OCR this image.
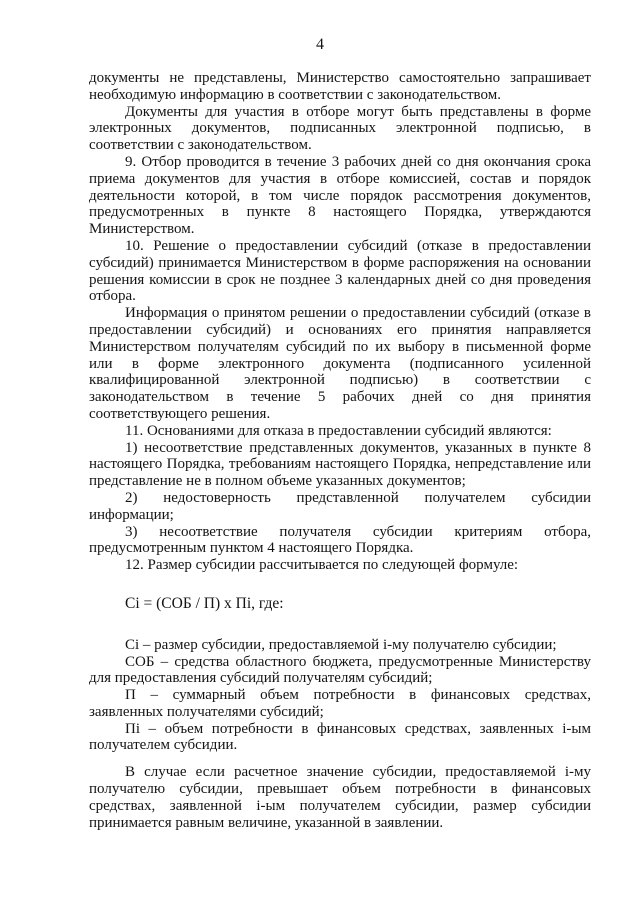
4

документы не представлены, Министерство самостоятельно запрашивает необходимую информацию в соответствии с законодательством.

Документы для участия в отборе могут быть представлены в форме электронных документов, подписанных электронной подписью, в соответствии с законодательством.

9. Отбор проводится в течение 3 рабочих дней со дня окончания срока приема документов для участия в отборе комиссией, состав и порядок деятельности которой, в том числе порядок рассмотрения документов, предусмотренных в пункте 8 настоящего Порядка, утверждаются Министерством.

10. Решение о предоставлении субсидий (отказе в предоставлении субсидий) принимается Министерством в форме распоряжения на основании решения комиссии в срок не позднее 3 календарных дней со дня проведения отбора.

Информация о принятом решении о предоставлении субсидий (отказе в предоставлении субсидий) и основаниях его принятия направляется Министерством получателям субсидий по их выбору в письменной форме или в форме электронного документа (подписанного усиленной квалифицированной электронной подписью) в соответствии с законодательством в течение 5 рабочих дней со дня принятия соответствующего решения.

11. Основаниями для отказа в предоставлении субсидий являются:

1) несоответствие представленных документов, указанных в пункте 8 настоящего Порядка, требованиям настоящего Порядка, непредставление или представление не в полном объеме указанных документов;

2) недостоверность представленной получателем субсидии информации;

3) несоответствие получателя субсидии критериям отбора, предусмотренным пунктом 4 настоящего Порядка.

12. Размер субсидии рассчитывается по следующей формуле:

Ci = (СОБ / П) х Пi, где:

Ci – размер субсидии, предоставляемой i-му получателю субсидии;

СОБ – средства областного бюджета, предусмотренные Министерству для предоставления субсидий получателям субсидий;

П – суммарный объем потребности в финансовых средствах, заявленных получателями субсидий;

Пi – объем потребности в финансовых средствах, заявленных i-ым получателем субсидии.

В случае если расчетное значение субсидии, предоставляемой i-му получателю субсидии, превышает объем потребности в финансовых средствах, заявленной i-ым получателем субсидии, размер субсидии принимается равным величине, указанной в заявлении.
